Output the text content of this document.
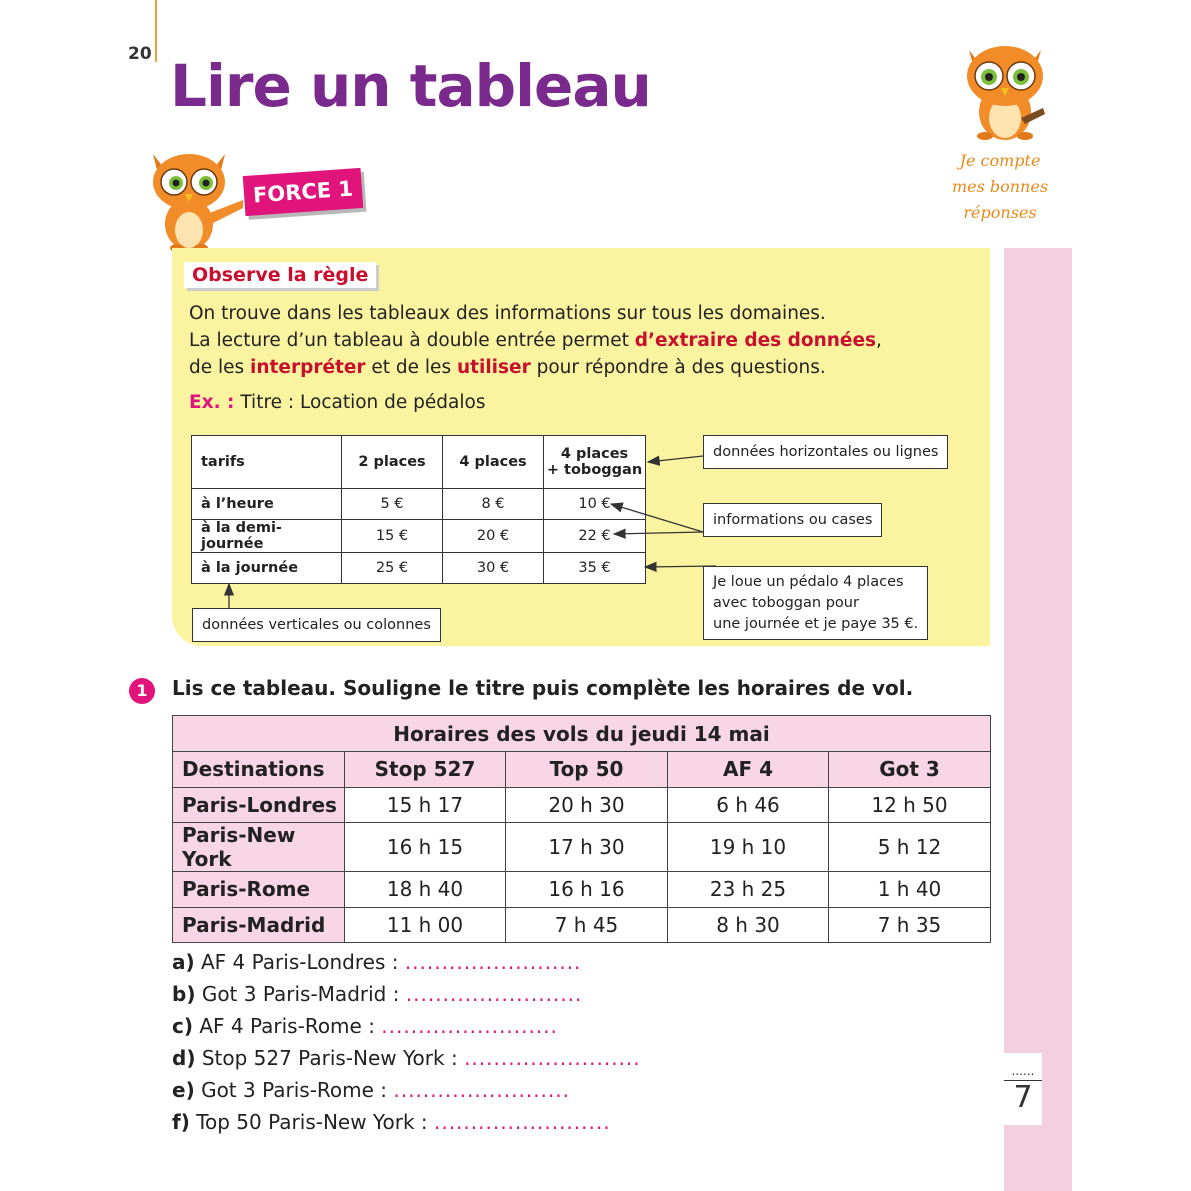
20 Lire un tableau
Je compte
mes bonnes
réponses
FORCE 1
Observe la règle
On trouve dans les tableaux des informations sur tous les domaines.
La lecture d’un tableau à double entrée permet d’extraire des données,
de les interpréter et de les utiliser pour répondre à des questions.
Ex. : Titre : Location de pédalos
tarifs	2 places	4 places	4 places
+ toboggan

à l’heure	5 €	8 €	10 €
à la demi-journée	15 €	20 €	22 €
à la journée	25 €	30 €	35 €
données horizontales ou lignes
informations ou cases
Je loue un pédalo 4 places
avec toboggan pour
une journée et je paye 35 €.
données verticales ou colonnes
1	Lis ce tableau. Souligne le titre puis complète les horaires de vol.
Horaires des vols du jeudi 14 mai				
Destinations	Stop 527	Top 50	AF 4	Got 3
Paris-Londres	15 h 17	20 h 30	6 h 46	12 h 50
Paris-New York	16 h 15	17 h 30	19 h 10	5 h 12
Paris-Rome	18 h 40	16 h 16	23 h 25	1 h 40
Paris-Madrid	11 h 00	7 h 45	8 h 30	7 h 35
a) AF 4 Paris-Londres : ........................
b) Got 3 Paris-Madrid : ........................
c) AF 4 Paris-Rome : ........................
d) Stop 527 Paris-New York : ........................
e) Got 3 Paris-Rome : ........................
f) Top 50 Paris-New York : ........................
......
7
